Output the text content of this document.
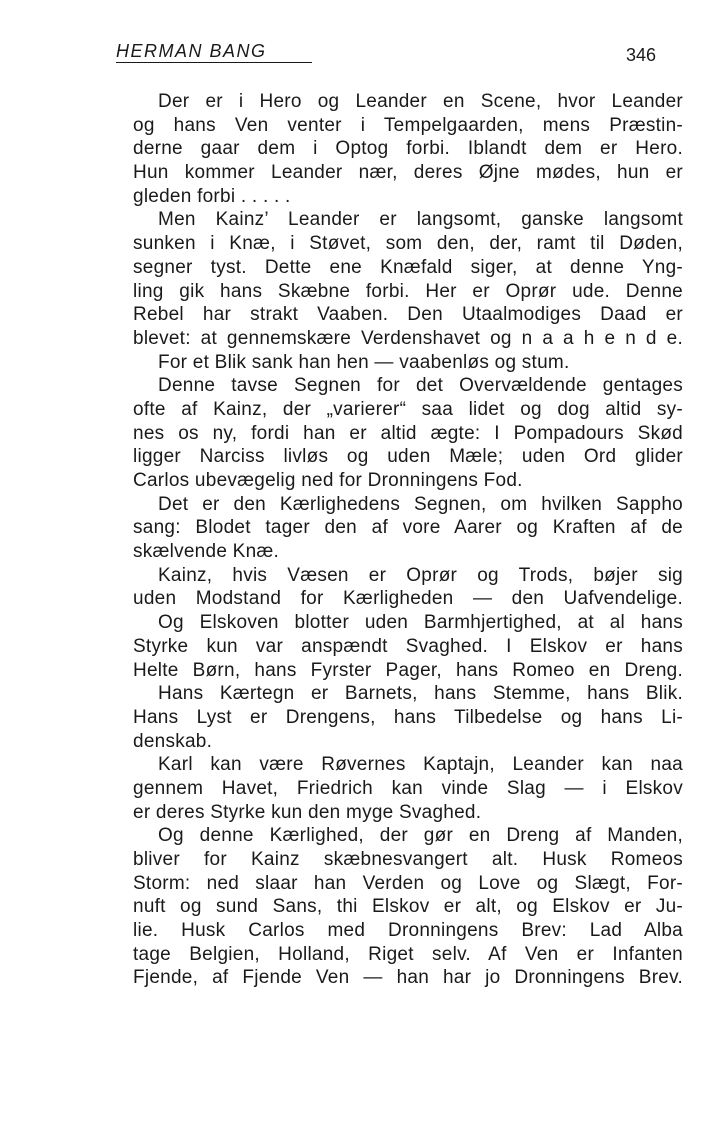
HERMAN BANG	346
Der er i Hero og Leander en Scene, hvor Leander
og hans Ven venter i Tempelgaarden, mens Præstin-
derne gaar dem i Optog forbi. Iblandt dem er Hero.
Hun kommer Leander nær, deres Øjne mødes, hun er
gleden forbi . . . . .
Men Kainz’ Leander er langsomt, ganske langsomt
sunken i Knæ, i Støvet, som den, der, ramt til Døden,
segner tyst. Dette ene Knæfald siger, at denne Yng-
ling gik hans Skæbne forbi. Her er Oprør ude. Denne
Rebel har strakt Vaaben. Den Utaalmodiges Daad er
blevet: at gennemskære Verdenshavet og n a a h e n d e.
For et Blik sank han hen — vaabenløs og stum.
Denne tavse Segnen for det Overvældende gentages
ofte af Kainz, der „varierer“ saa lidet og dog altid sy-
nes os ny, fordi han er altid ægte: I Pompadours Skød
ligger Narciss livløs og uden Mæle; uden Ord glider
Carlos ubevægelig ned for Dronningens Fod.
Det er den Kærlighedens Segnen, om hvilken Sappho
sang: Blodet tager den af vore Aarer og Kraften af de
skælvende Knæ.
Kainz, hvis Væsen er Oprør og Trods, bøjer sig
uden Modstand for Kærligheden — den Uafvendelige.
Og Elskoven blotter uden Barmhjertighed, at al hans
Styrke kun var anspændt Svaghed. I Elskov er hans
Helte Børn, hans Fyrster Pager, hans Romeo en Dreng.
Hans Kærtegn er Barnets, hans Stemme, hans Blik.
Hans Lyst er Drengens, hans Tilbedelse og hans Li-
denskab.
Karl kan være Røvernes Kaptajn, Leander kan naa
gennem Havet, Friedrich kan vinde Slag — i Elskov
er deres Styrke kun den myge Svaghed.
Og denne Kærlighed, der gør en Dreng af Manden,
bliver for Kainz skæbnesvangert alt. Husk Romeos
Storm: ned slaar han Verden og Love og Slægt, For-
nuft og sund Sans, thi Elskov er alt, og Elskov er Ju-
lie. Husk Carlos med Dronningens Brev: Lad Alba
tage Belgien, Holland, Riget selv. Af Ven er Infanten
Fjende, af Fjende Ven — han har jo Dronningens Brev.
